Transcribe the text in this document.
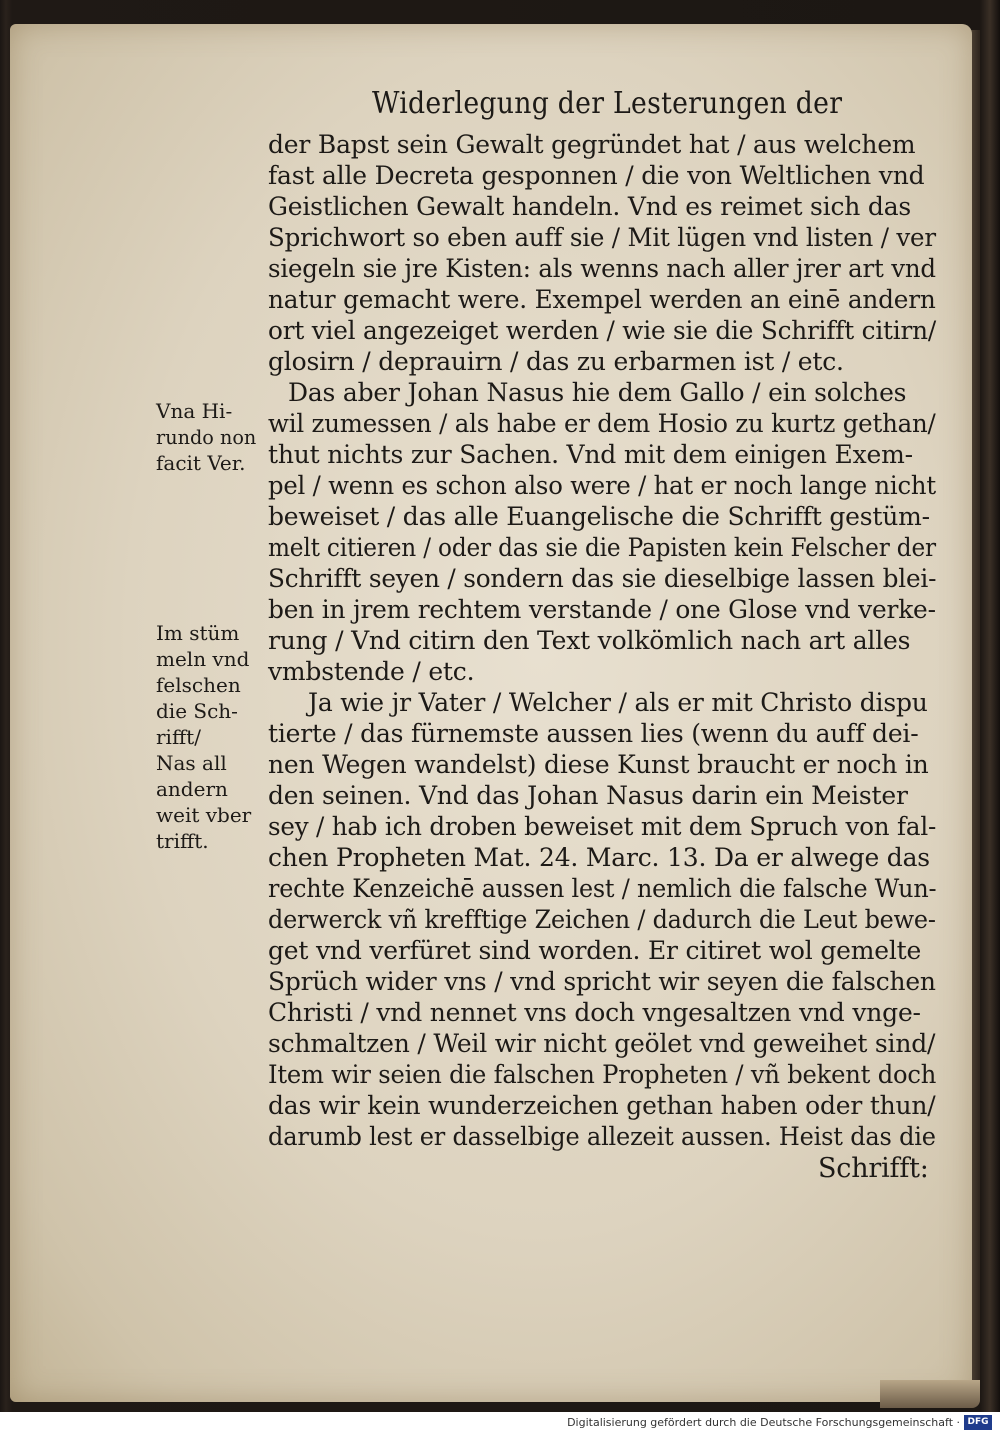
Widerlegung der Lesterungen der
der Bapst sein Gewalt gegründet hat / aus welchem
fast alle Decreta gesponnen / die von Weltlichen vnd
Geistlichen Gewalt handeln. Vnd es reimet sich das
Sprichwort so eben auff sie / Mit lügen vnd listen / ver
siegeln sie jre Kisten: als wenns nach aller jrer art vnd
natur gemacht were. Exempel werden an einē andern
ort viel angezeiget werden / wie sie die Schrifft citirn/
glosirn / deprauirn / das zu erbarmen ist / etc.
Das aber Johan Nasus hie dem Gallo / ein solches
wil zumessen / als habe er dem Hosio zu kurtz gethan/
thut nichts zur Sachen. Vnd mit dem einigen Exem-
pel / wenn es schon also were / hat er noch lange nicht
beweiset / das alle Euangelische die Schrifft gestüm-
melt citieren / oder das sie die Papisten kein Felscher der
Schrifft seyen / sondern das sie dieselbige lassen blei-
ben in jrem rechtem verstande / one Glose vnd verke-
rung / Vnd citirn den Text volkömlich nach art alles
vmbstende / etc.
Ja wie jr Vater / Welcher / als er mit Christo dispu
tierte / das fürnemste aussen lies (wenn du auff dei-
nen Wegen wandelst) diese Kunst braucht er noch in
den seinen. Vnd das Johan Nasus darin ein Meister
sey / hab ich droben beweiset mit dem Spruch von fal-
chen Propheten Mat. 24. Marc. 13. Da er alwege das
rechte Kenzeichē aussen lest / nemlich die falsche Wun-
derwerck vñ krefftige Zeichen / dadurch die Leut bewe-
get vnd verfüret sind worden. Er citiret wol gemelte
Sprüch wider vns / vnd spricht wir seyen die falschen
Christi / vnd nennet vns doch vngesaltzen vnd vnge-
schmaltzen / Weil wir nicht geölet vnd geweihet sind/
Item wir seien die falschen Propheten / vñ bekent doch
das wir kein wunderzeichen gethan haben oder thun/
darumb lest er dasselbige allezeit aussen. Heist das die
Schrifft:
Vna Hi-
rundo non
facit Ver.
Im stüm
meln vnd
felschen
die Sch-
rifft/
Nas all
andern
weit vber
trifft.
Digitalisierung gefördert durch die Deutsche Forschungsgemeinschaft · DFG
